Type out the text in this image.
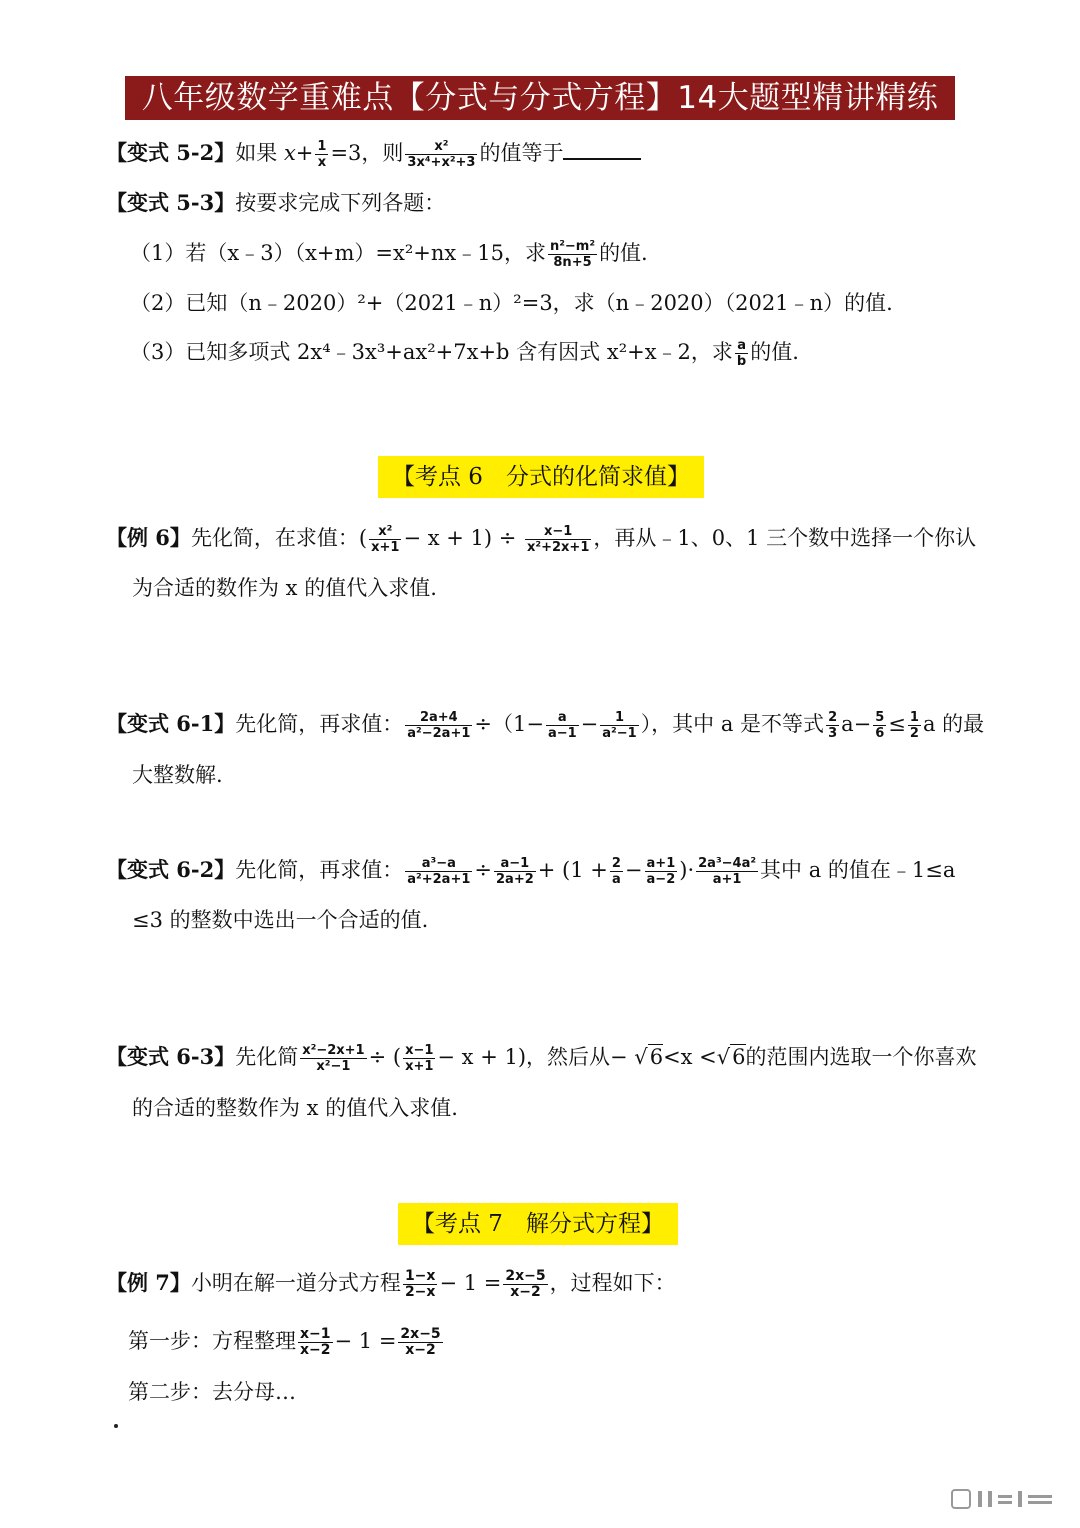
八年级数学重难点【分式与分式方程】14大题型精讲精练
【变式 5-2】如果 $x+ \frac{1}{x} =3$，则 $\frac{\text{x²}}{\text{3x⁴+x²+3}}$ 的值等于
【变式 5-3】按要求完成下列各题：
（1）若（x﹣3）（x+m）=x²+nx﹣15，求 $\frac{\text{n²−m²}}{8n+5}$ 的值.
（2）已知（n﹣2020）²+（2021﹣n）²=3，求（n﹣2020）（2021﹣n）的值.
（3）已知多项式 2x⁴﹣3x³+ax²+7x+b 含有因式 x²+x﹣2，求 $\frac{a}{b}$ 的值.
【考点 6　分式的化简求值】
【例 6】先化简，在求值：( $\frac{\text{x²}}{x+1} - x + 1) \div \frac{x-1}{\text{x²+2x+1}}$ ，再从﹣1、0、1 三个数中选择一个你认
为合适的数作为 x 的值代入求值.
【变式 6-1】先化简，再求值： $\frac{2a+4}{\text{a²−2a+1}} \div(1- \frac{a}{a-1} - \frac{1}{\text{a²−1}}$ ），其中 a 是不等式 $\frac{2}{3} a- \frac{5}{6} \le \frac{1}{2}$ a 的最
大整数解.
【变式 6-2】先化简，再求值： $\frac{\text{a³−a}}{\text{a²+2a+1}} \div \frac{a-1}{2a+2} + (1 + \frac{2}{a} - \frac{a+1}{a-2}$ )· $\frac{\text{2a³−4a²}}{a+1}$ 其中 a 的值在﹣1≤a
≤3 的整数中选出一个合适的值.
【变式 6-3】先化简 $\frac{\text{x²−2x+1}}{\text{x²−1}}$ ÷ ( $\frac{x-1}{x+1} - x + 1$)，然后从− √6<x <√6的范围内选取一个你喜欢
的合适的整数作为 x 的值代入求值.
【考点 7　解分式方程】
【例 7】小明在解一道分式方程 $\frac{1-x}{2-x} - 1 = \frac{2x-5}{x-2}$ ，过程如下：
第一步：方程整理 $\frac{x-1}{x-2} - 1 = \frac{2x-5}{x-2}$
第二步：去分母…
